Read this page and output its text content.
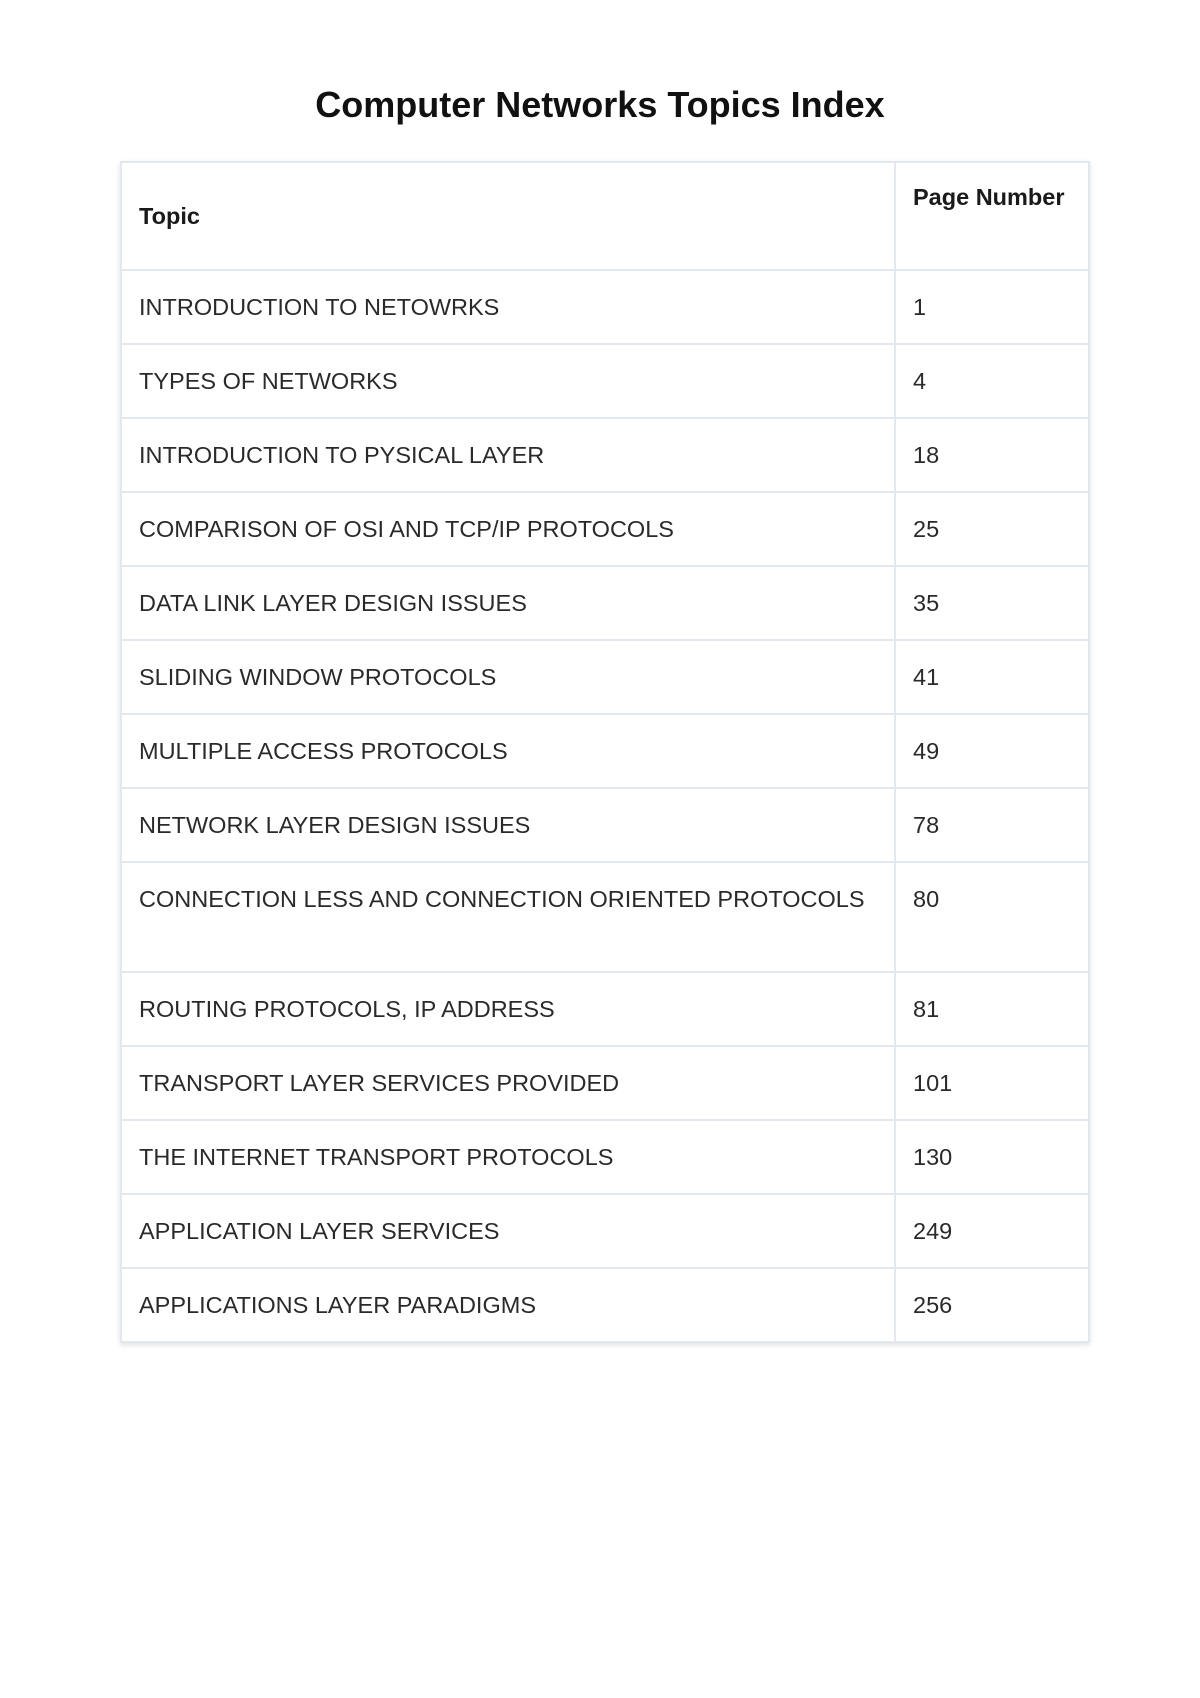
Computer Networks Topics Index
Topic	Page Number
INTRODUCTION TO NETOWRKS	1
TYPES OF NETWORKS	4
INTRODUCTION TO PYSICAL LAYER	18
COMPARISON OF OSI AND TCP/IP PROTOCOLS	25
DATA LINK LAYER DESIGN ISSUES	35
SLIDING WINDOW PROTOCOLS	41
MULTIPLE ACCESS PROTOCOLS	49
NETWORK LAYER DESIGN ISSUES	78
CONNECTION LESS AND CONNECTION ORIENTED PROTOCOLS	80
ROUTING PROTOCOLS, IP ADDRESS	81
TRANSPORT LAYER SERVICES PROVIDED	101
THE INTERNET TRANSPORT PROTOCOLS	130
APPLICATION LAYER SERVICES	249
APPLICATIONS LAYER PARADIGMS	256
